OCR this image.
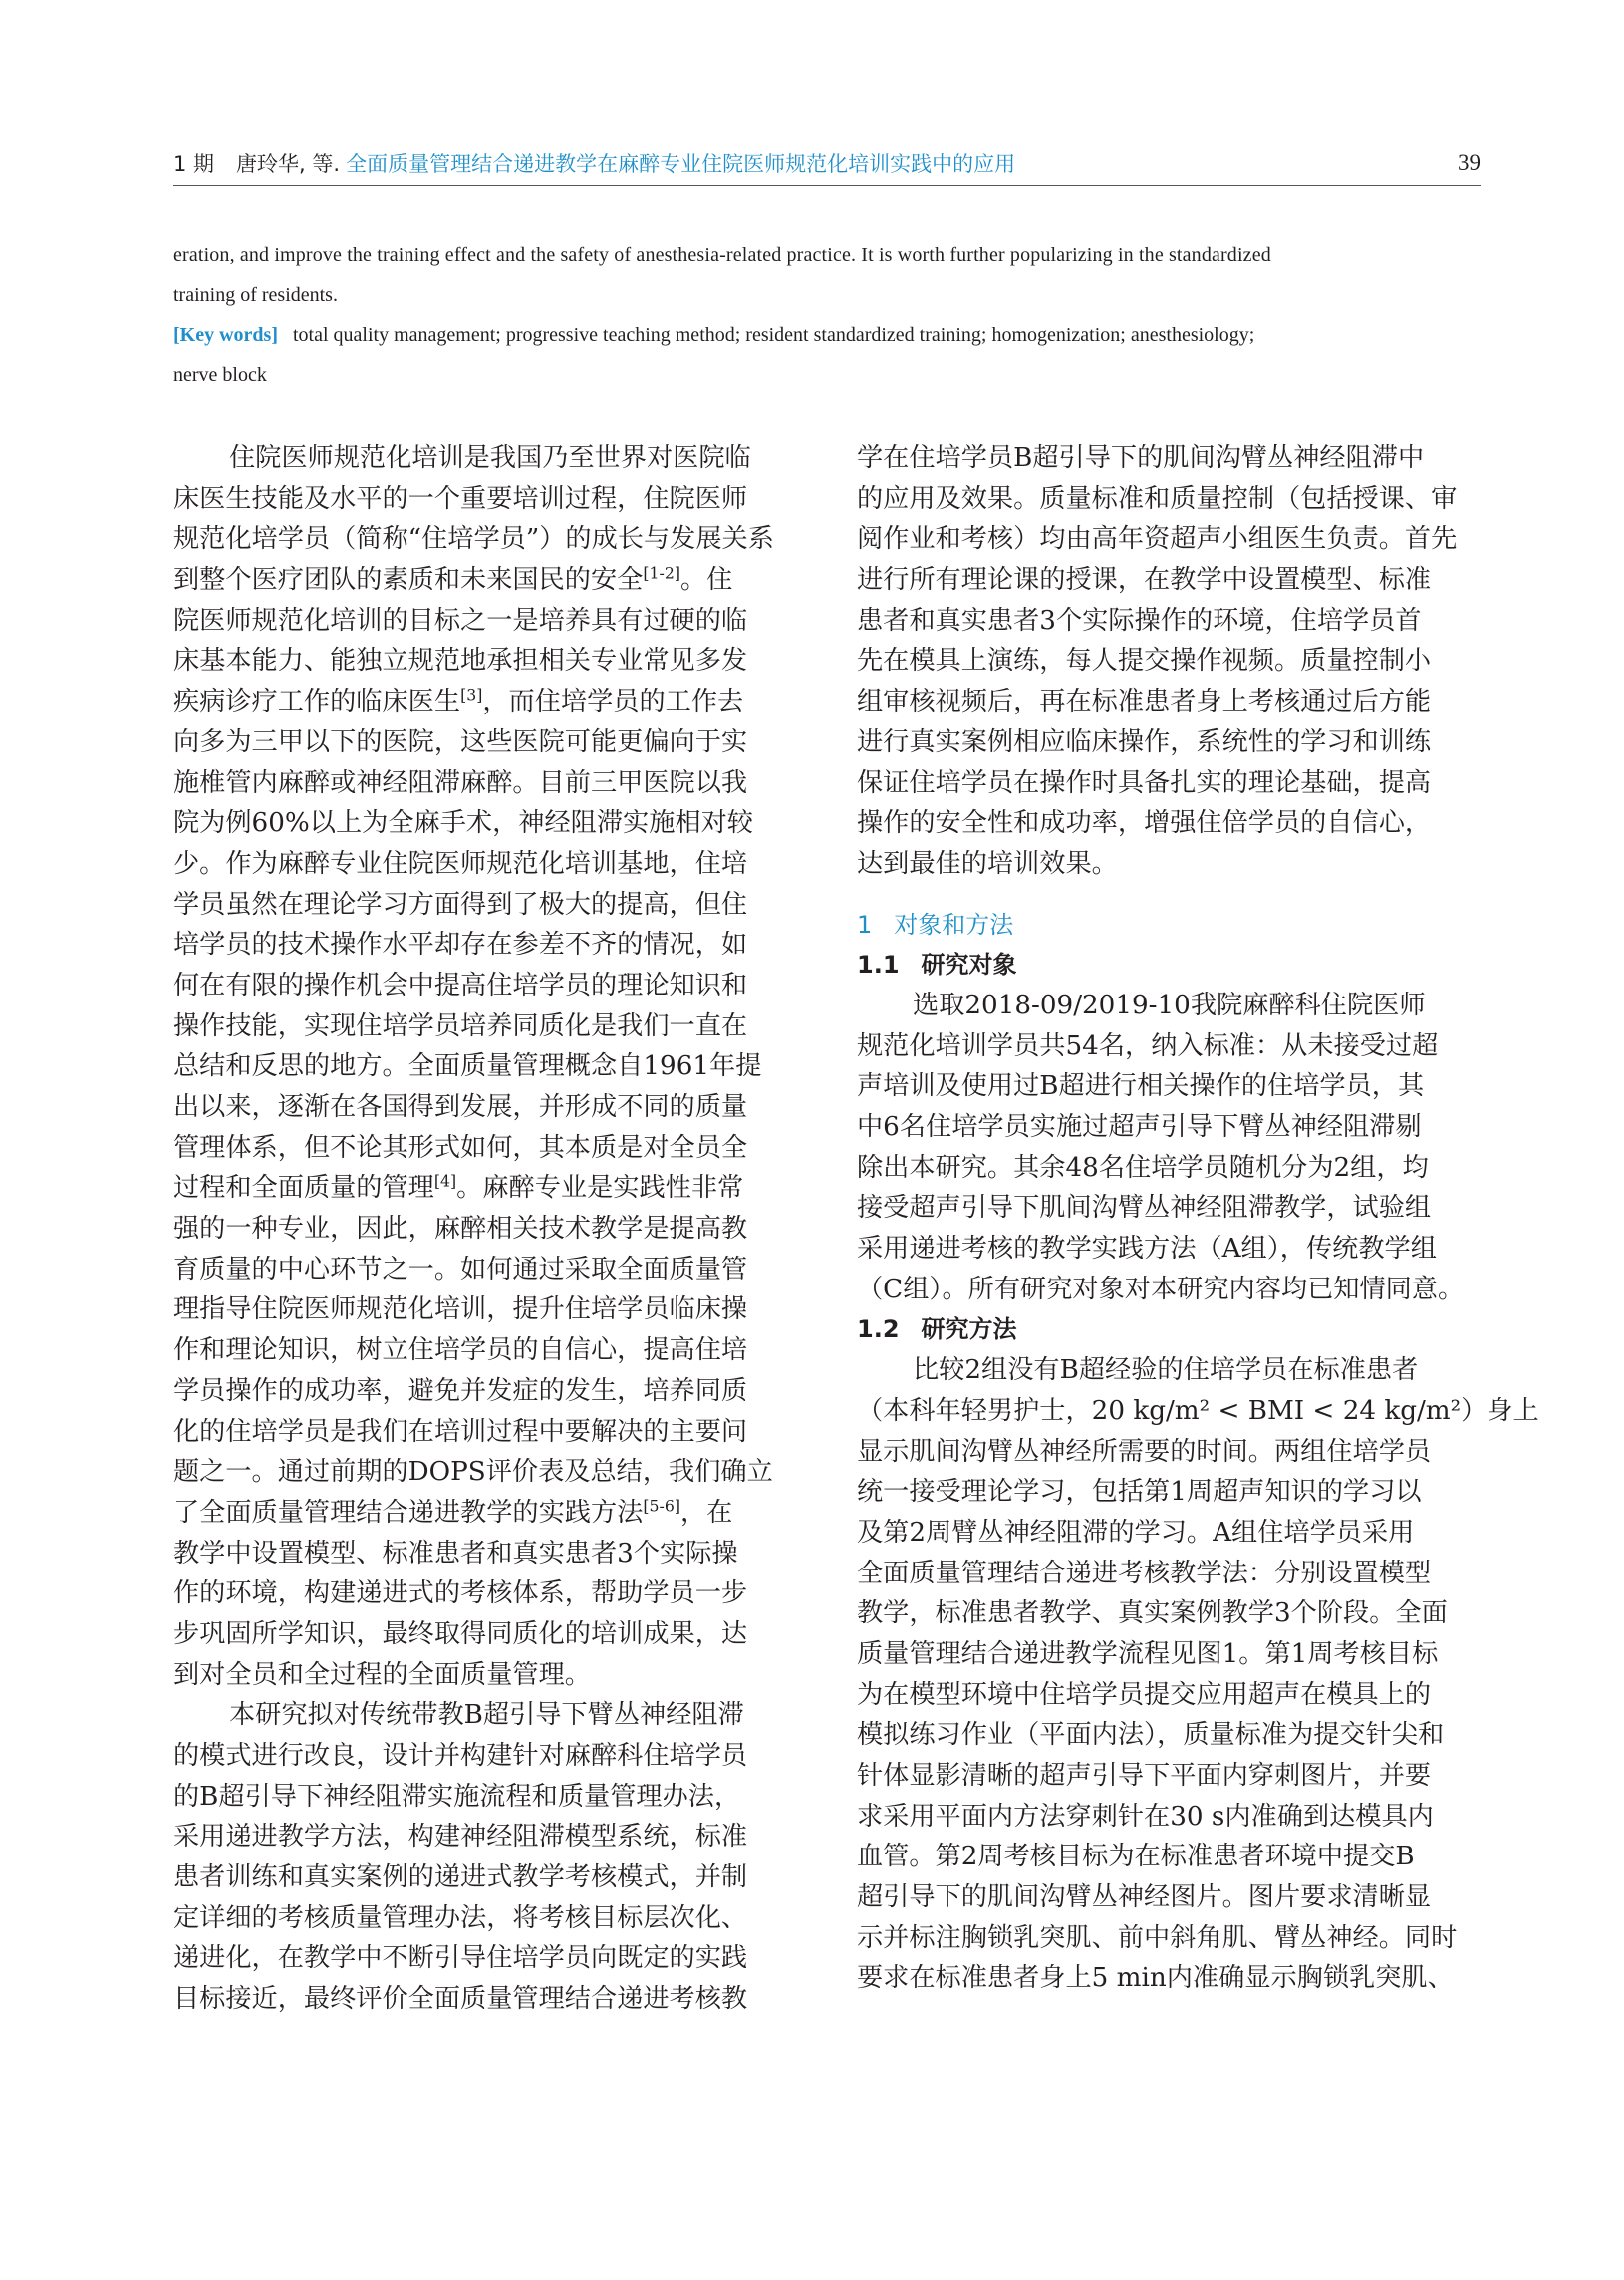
1 期 唐玲华, 等. 全面质量管理结合递进教学在麻醉专业住院医师规范化培训实践中的应用	39
eration, and improve the training effect and the safety of anesthesia-related practice. It is worth further popularizing in the standardized
training of residents.
[Key words] total quality management; progressive teaching method; resident standardized training; homogenization; anesthesiology;
nerve block
住院医师规范化培训是我国乃至世界对医院临
床医生技能及水平的一个重要培训过程，住院医师
规范化培学员（简称“住培学员”）的成长与发展关系
到整个医疗团队的素质和未来国民的安全[1-2]。住
院医师规范化培训的目标之一是培养具有过硬的临
床基本能力、能独立规范地承担相关专业常见多发
疾病诊疗工作的临床医生[3]，而住培学员的工作去
向多为三甲以下的医院，这些医院可能更偏向于实
施椎管内麻醉或神经阻滞麻醉。目前三甲医院以我
院为例60%以上为全麻手术，神经阻滞实施相对较
少。作为麻醉专业住院医师规范化培训基地，住培
学员虽然在理论学习方面得到了极大的提高，但住
培学员的技术操作水平却存在参差不齐的情况，如
何在有限的操作机会中提高住培学员的理论知识和
操作技能，实现住培学员培养同质化是我们一直在
总结和反思的地方。全面质量管理概念自1961年提
出以来，逐渐在各国得到发展，并形成不同的质量
管理体系，但不论其形式如何，其本质是对全员全
过程和全面质量的管理[4]。麻醉专业是实践性非常
强的一种专业，因此，麻醉相关技术教学是提高教
育质量的中心环节之一。如何通过采取全面质量管
理指导住院医师规范化培训，提升住培学员临床操
作和理论知识，树立住培学员的自信心，提高住培
学员操作的成功率，避免并发症的发生，培养同质
化的住培学员是我们在培训过程中要解决的主要问
题之一。通过前期的DOPS评价表及总结，我们确立
了全面质量管理结合递进教学的实践方法[5-6]，在
教学中设置模型、标准患者和真实患者3个实际操
作的环境，构建递进式的考核体系，帮助学员一步
步巩固所学知识，最终取得同质化的培训成果，达
到对全员和全过程的全面质量管理。
本研究拟对传统带教B超引导下臂丛神经阻滞
的模式进行改良，设计并构建针对麻醉科住培学员
的B超引导下神经阻滞实施流程和质量管理办法，
采用递进教学方法，构建神经阻滞模型系统，标准
患者训练和真实案例的递进式教学考核模式，并制
定详细的考核质量管理办法，将考核目标层次化、
递进化，在教学中不断引导住培学员向既定的实践
目标接近，最终评价全面质量管理结合递进考核教
学在住培学员B超引导下的肌间沟臂丛神经阻滞中
的应用及效果。质量标准和质量控制（包括授课、审
阅作业和考核）均由高年资超声小组医生负责。首先
进行所有理论课的授课，在教学中设置模型、标准
患者和真实患者3个实际操作的环境，住培学员首
先在模具上演练，每人提交操作视频。质量控制小
组审核视频后，再在标准患者身上考核通过后方能
进行真实案例相应临床操作，系统性的学习和训练
保证住培学员在操作时具备扎实的理论基础，提高
操作的安全性和成功率，增强住倍学员的自信心，
达到最佳的培训效果。
1 对象和方法
1.1 研究对象
选取2018-09/2019-10我院麻醉科住院医师
规范化培训学员共54名，纳入标准：从未接受过超
声培训及使用过B超进行相关操作的住培学员，其
中6名住培学员实施过超声引导下臂丛神经阻滞剔
除出本研究。其余48名住培学员随机分为2组，均
接受超声引导下肌间沟臂丛神经阻滞教学，试验组
采用递进考核的教学实践方法（A组），传统教学组
（C组）。所有研究对象对本研究内容均已知情同意。
1.2 研究方法
比较2组没有B超经验的住培学员在标准患者
（本科年轻男护士，20 kg/m² < BMI < 24 kg/m²）身上
显示肌间沟臂丛神经所需要的时间。两组住培学员
统一接受理论学习，包括第1周超声知识的学习以
及第2周臂丛神经阻滞的学习。A组住培学员采用
全面质量管理结合递进考核教学法：分别设置模型
教学，标准患者教学、真实案例教学3个阶段。全面
质量管理结合递进教学流程见图1。第1周考核目标
为在模型环境中住培学员提交应用超声在模具上的
模拟练习作业（平面内法），质量标准为提交针尖和
针体显影清晰的超声引导下平面内穿刺图片，并要
求采用平面内方法穿刺针在30 s内准确到达模具内
血管。第2周考核目标为在标准患者环境中提交B
超引导下的肌间沟臂丛神经图片。图片要求清晰显
示并标注胸锁乳突肌、前中斜角肌、臂丛神经。同时
要求在标准患者身上5 min内准确显示胸锁乳突肌、
